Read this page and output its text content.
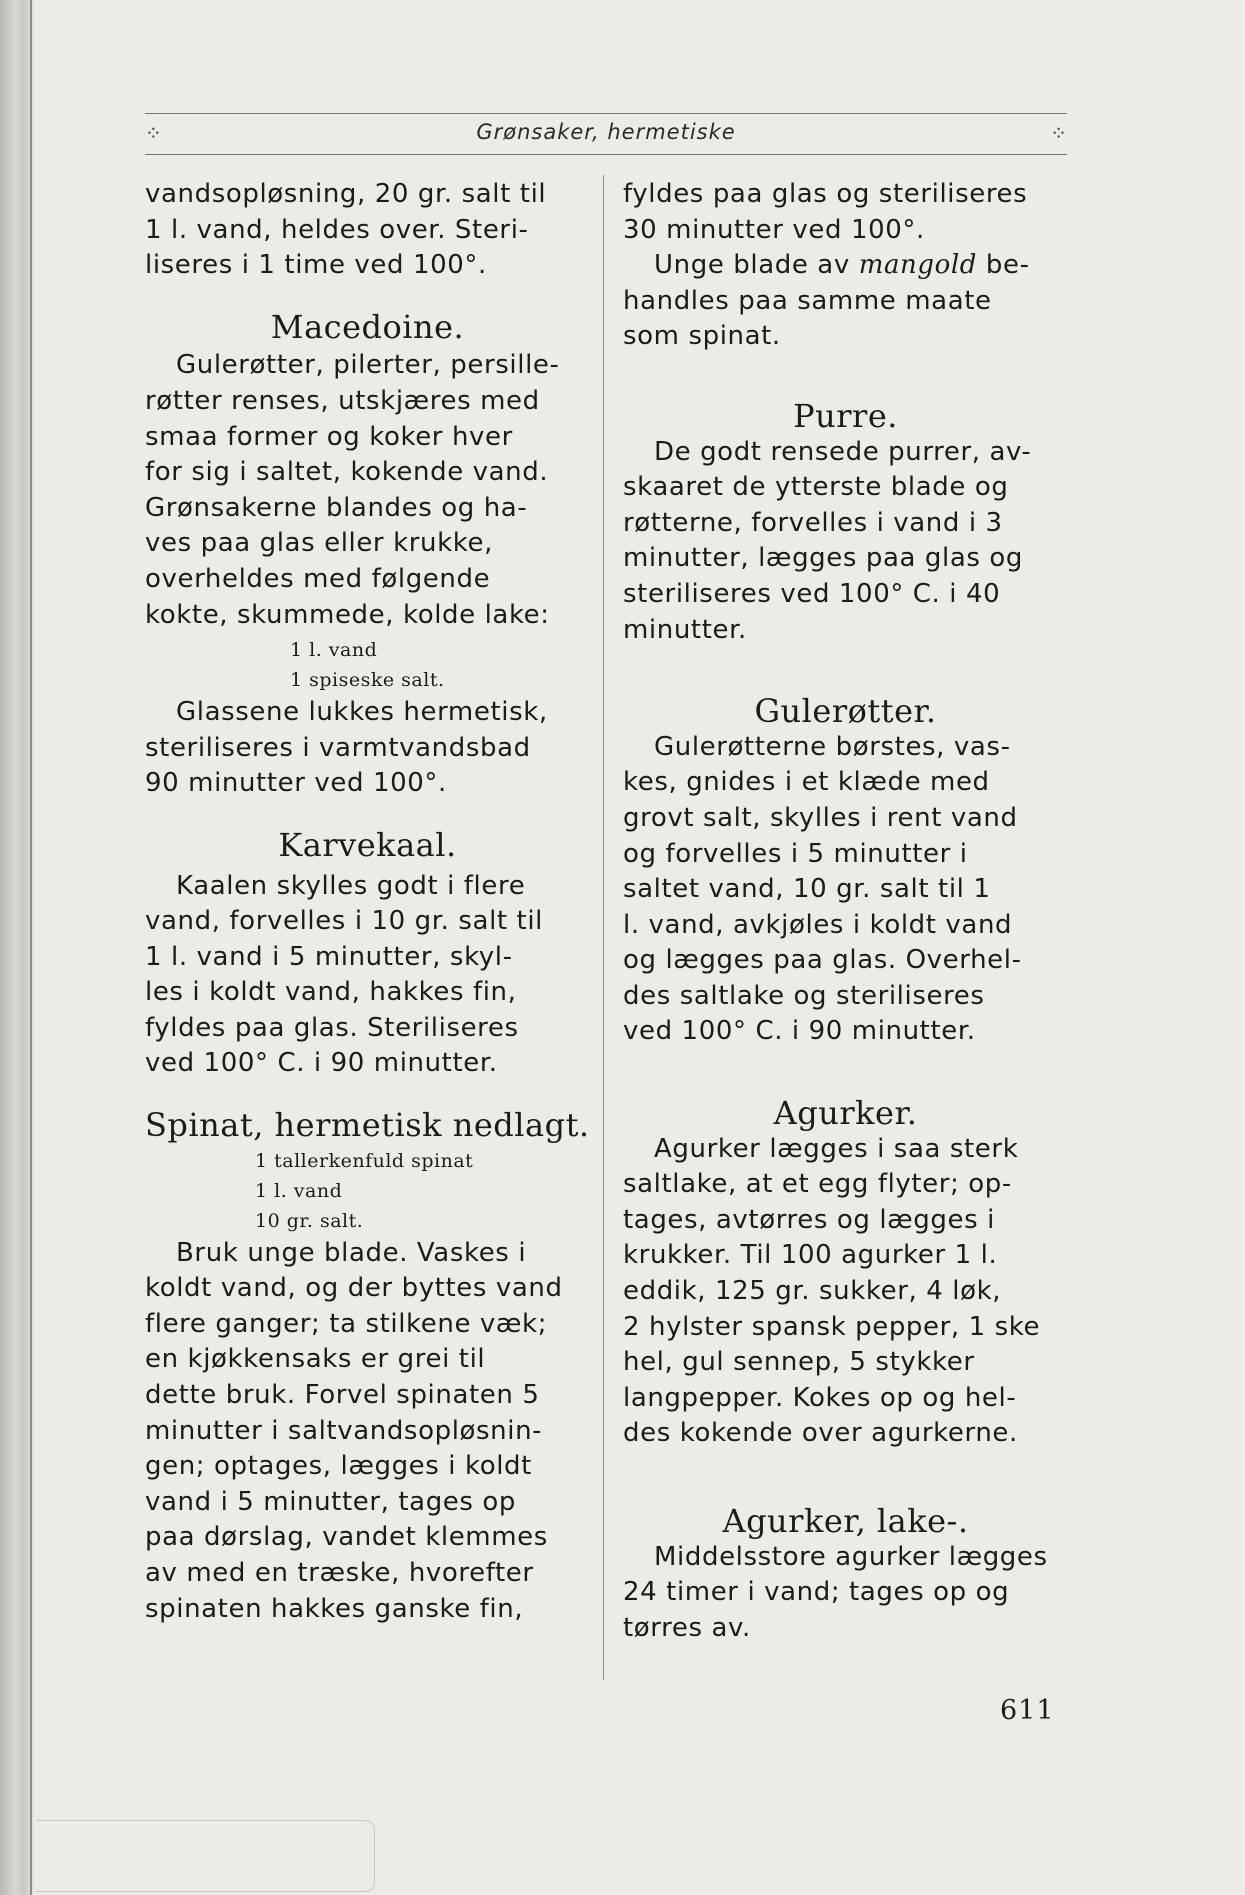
⁘	Grønsaker, hermetiske	⁘

vandsopløsning, 20 gr. salt til
1 l. vand, heldes over. Steri-
liseres i 1 time ved 100°.

Macedoine.
Gulerøtter, pilerter, persille-
røtter renses, utskjæres med
smaa former og koker hver
for sig i saltet, kokende vand.
Grønsakerne blandes og ha-
ves paa glas eller krukke,
overheldes med følgende
kokte, skummede, kolde lake:
1 l. vand
1 spiseske salt.
Glassene lukkes hermetisk,
steriliseres i varmtvandsbad
90 minutter ved 100°.
Karvekaal.
Kaalen skylles godt i flere
vand, forvelles i 10 gr. salt til
1 l. vand i 5 minutter, skyl-
les i koldt vand, hakkes fin,
fyldes paa glas. Steriliseres
ved 100° C. i 90 minutter.
Spinat, hermetisk nedlagt.
1 tallerkenfuld spinat
1 l. vand
10 gr. salt.
Bruk unge blade. Vaskes i
koldt vand, og der byttes vand
flere ganger; ta stilkene væk;
en kjøkkensaks er grei til
dette bruk. Forvel spinaten 5
minutter i saltvandsopløsnin-
gen; optages, lægges i koldt
vand i 5 minutter, tages op
paa dørslag, vandet klemmes
av med en træske, hvorefter
spinaten hakkes ganske fin,
fyldes paa glas og steriliseres
30 minutter ved 100°.
Unge blade av mangold be-
handles paa samme maate
som spinat.
Purre.
De godt rensede purrer, av-
skaaret de ytterste blade og
røtterne, forvelles i vand i 3
minutter, lægges paa glas og
steriliseres ved 100° C. i 40
minutter.
Gulerøtter.
Gulerøtterne børstes, vas-
kes, gnides i et klæde med
grovt salt, skylles i rent vand
og forvelles i 5 minutter i
saltet vand, 10 gr. salt til 1
l. vand, avkjøles i koldt vand
og lægges paa glas. Overhel-
des saltlake og steriliseres
ved 100° C. i 90 minutter.
Agurker.
Agurker lægges i saa sterk
saltlake, at et egg flyter; op-
tages, avtørres og lægges i
krukker. Til 100 agurker 1 l.
eddik, 125 gr. sukker, 4 løk,
2 hylster spansk pepper, 1 ske
hel, gul sennep, 5 stykker
langpepper. Kokes op og hel-
des kokende over agurkerne.
Agurker, lake-.
Middelsstore agurker lægges
24 timer i vand; tages op og
tørres av.
611
